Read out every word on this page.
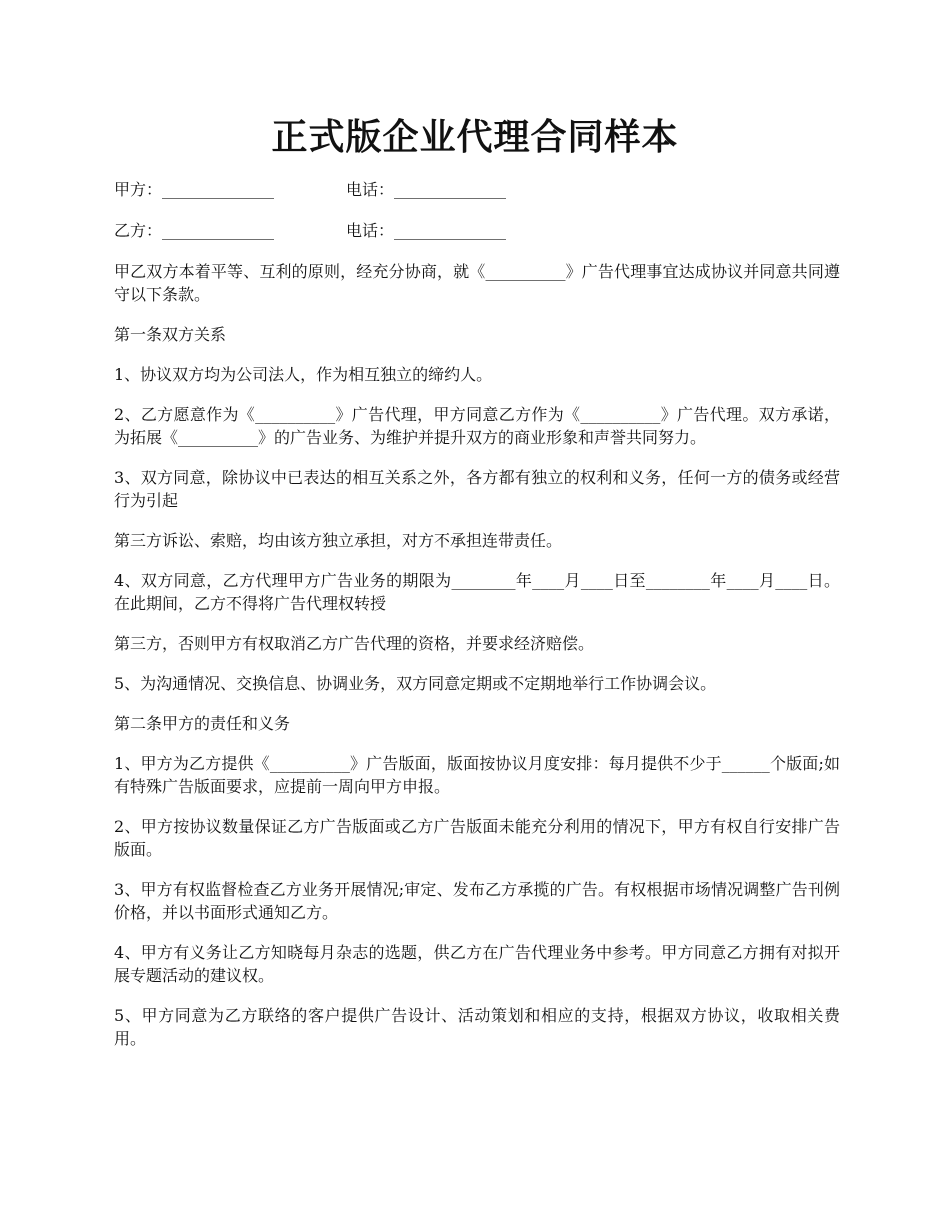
正式版企业代理合同样本
甲方：______________	电话：______________
乙方：______________	电话：______________

甲乙双方本着平等、互利的原则，经充分协商，就《__________》广告代理事宜达成协议并同意共同遵守以下条款。

第一条双方关系

1、协议双方均为公司法人，作为相互独立的缔约人。

2、乙方愿意作为《__________》广告代理，甲方同意乙方作为《__________》广告代理。双方承诺，为拓展《__________》的广告业务、为维护并提升双方的商业形象和声誉共同努力。

3、双方同意，除协议中已表达的相互关系之外，各方都有独立的权利和义务，任何一方的债务或经营行为引起

第三方诉讼、索赔，均由该方独立承担，对方不承担连带责任。

4、双方同意，乙方代理甲方广告业务的期限为________年____月____日至________年____月____日。在此期间，乙方不得将广告代理权转授

第三方，否则甲方有权取消乙方广告代理的资格，并要求经济赔偿。

5、为沟通情况、交换信息、协调业务，双方同意定期或不定期地举行工作协调会议。

第二条甲方的责任和义务

1、甲方为乙方提供《__________》广告版面，版面按协议月度安排：每月提供不少于______个版面;如有特殊广告版面要求，应提前一周向甲方申报。

2、甲方按协议数量保证乙方广告版面或乙方广告版面未能充分利用的情况下，甲方有权自行安排广告版面。

3、甲方有权监督检查乙方业务开展情况;审定、发布乙方承揽的广告。有权根据市场情况调整广告刊例价格，并以书面形式通知乙方。

4、甲方有义务让乙方知晓每月杂志的选题，供乙方在广告代理业务中参考。甲方同意乙方拥有对拟开展专题活动的建议权。

5、甲方同意为乙方联络的客户提供广告设计、活动策划和相应的支持，根据双方协议，收取相关费用。
